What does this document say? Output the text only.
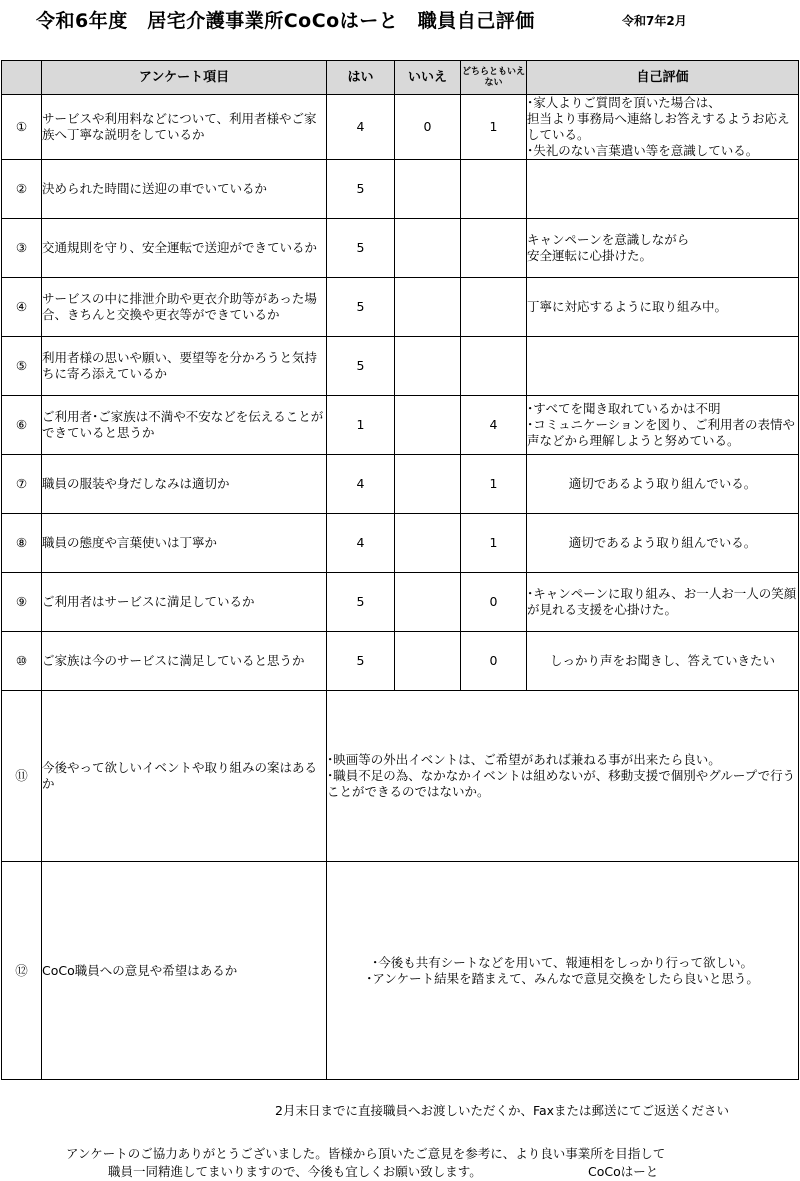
令和6年度　居宅介護事業所CoCoはーと　職員自己評価	令和7年2月
	アンケート項目	はい	いいえ	どちらともいえない	自己評価
①	サービスや利用料などについて、利用者様やご家族へ丁寧な説明をしているか	4	0	1	･家人よりご質問を頂いた場合は、
担当より事務局へ連絡しお答えするようお応えしている。
･失礼のない言葉遣い等を意識している。

②	決められた時間に送迎の車でいているか	5			
③	交通規則を守り、安全運転で送迎ができているか	5			キャンペーンを意識しながら
安全運転に心掛けた。

④	サービスの中に排泄介助や更衣介助等があった場合、きちんと交換や更衣等ができているか	5			丁寧に対応するように取り組み中。

⑤	利用者様の思いや願い、要望等を分かろうと気持ちに寄ろ添えているか	5			
⑥	ご利用者･ご家族は不満や不安などを伝えることができていると思うか	1		4	･すべてを聞き取れているかは不明
･コミュニケーションを図り、ご利用者の表情や声などから理解しようと努めている。

⑦	職員の服装や身だしなみは適切か	4		1	適切であるよう取り組んでいる。

⑧	職員の態度や言葉使いは丁寧か	4		1	適切であるよう取り組んでいる。

⑨	ご利用者はサービスに満足しているか	5		0	･キャンペーンに取り組み、お一人お一人の笑顔が見れる支援を心掛けた。

⑩	ご家族は今のサービスに満足していると思うか	5		0	しっかり声をお聞きし、答えていきたい

⑪	今後やって欲しいイベントや取り組みの案はあるか	･映画等の外出イベントは、ご希望があれば兼ねる事が出来たら良い。
･職員不足の為、なかなかイベントは組めないが、移動支援で個別やグループで行うことができるのではないか。			

⑫	CoCo職員への意見や希望はあるか	･今後も共有シートなどを用いて、報連相をしっかり行って欲しい。
･アンケート結果を踏まえて、みんなで意見交換をしたら良いと思う。			
2月末日までに直接職員へお渡しいただくか、Faxまたは郵送にてご返送ください
アンケートのご協力ありがとうございました。皆様から頂いたご意見を参考に、より良い事業所を目指して
職員一同精進してまいりますので、今後も宜しくお願い致します。	CoCoはーと
